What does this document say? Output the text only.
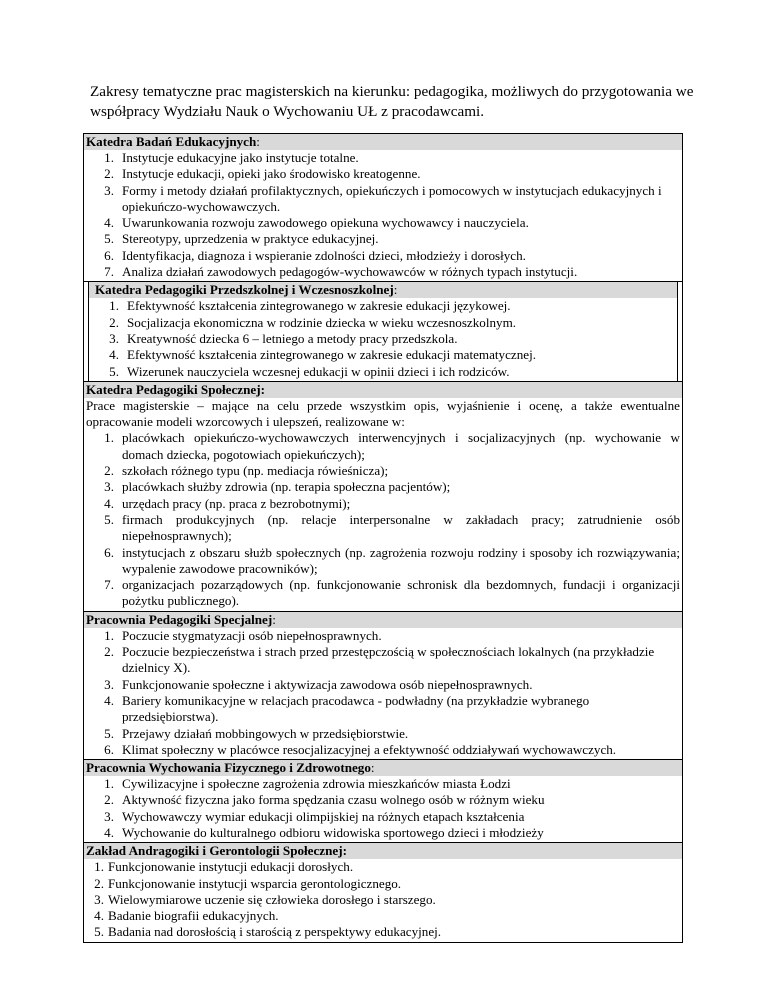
Zakresy tematyczne prac magisterskich na kierunku: pedagogika, możliwych do przygotowania we współpracy Wydziału Nauk o Wychowaniu UŁ z pracodawcami.
Katedra Badań Edukacyjnych:
1. Instytucje edukacyjne jako instytucje totalne.
2. Instytucje edukacji, opieki jako środowisko kreatogenne.
3. Formy i metody działań profilaktycznych, opiekuńczych i pomocowych w instytucjach edukacyjnych i opiekuńczo-wychowawczych.
4. Uwarunkowania rozwoju zawodowego opiekuna wychowawcy i nauczyciela.
5. Stereotypy, uprzedzenia w praktyce edukacyjnej.
6. Identyfikacja, diagnoza i wspieranie zdolności dzieci, młodzieży i dorosłych.
7. Analiza działań zawodowych pedagogów-wychowawców w różnych typach instytucji.
Katedra Pedagogiki Przedszkolnej i Wczesnoszkolnej:
1. Efektywność kształcenia zintegrowanego w zakresie edukacji językowej.
2. Socjalizacja ekonomiczna w rodzinie dziecka w wieku wczesnoszkolnym.
3. Kreatywność dziecka 6 – letniego a metody pracy przedszkola.
4. Efektywność kształcenia zintegrowanego w zakresie edukacji matematycznej.
5. Wizerunek nauczyciela wczesnej edukacji w opinii dzieci i ich rodziców.
Katedra Pedagogiki Społecznej:
Prace magisterskie – mające na celu przede wszystkim opis, wyjaśnienie i ocenę, a także ewentualne opracowanie modeli wzorcowych i ulepszeń, realizowane w:
1. placówkach opiekuńczo-wychowawczych interwencyjnych i socjalizacyjnych (np. wychowanie w domach dziecka, pogotowiach opiekuńczych);
2. szkołach różnego typu (np. mediacja rówieśnicza);
3. placówkach służby zdrowia (np. terapia społeczna pacjentów);
4. urzędach pracy (np. praca z bezrobotnymi);
5. firmach produkcyjnych (np. relacje interpersonalne w zakładach pracy; zatrudnienie osób niepełnosprawnych);
6. instytucjach z obszaru służb społecznych (np. zagrożenia rozwoju rodziny i sposoby ich rozwiązywania; wypalenie zawodowe pracowników);
7. organizacjach pozarządowych (np. funkcjonowanie schronisk dla bezdomnych, fundacji i organizacji pożytku publicznego).
Pracownia Pedagogiki Specjalnej:
1. Poczucie stygmatyzacji osób niepełnosprawnych.
2. Poczucie bezpieczeństwa i strach przed przestępczością w społecznościach lokalnych (na przykładzie dzielnicy X).
3. Funkcjonowanie społeczne i aktywizacja zawodowa osób niepełnosprawnych.
4. Bariery komunikacyjne w relacjach pracodawca - podwładny (na przykładzie wybranego przedsiębiorstwa).
5. Przejawy działań mobbingowych w przedsiębiorstwie.
6. Klimat społeczny w placówce resocjalizacyjnej a efektywność oddziaływań wychowawczych.
Pracownia Wychowania Fizycznego i Zdrowotnego:
1. Cywilizacyjne i społeczne zagrożenia zdrowia mieszkańców miasta Łodzi
2. Aktywność fizyczna jako forma spędzania czasu wolnego osób w różnym wieku
3. Wychowawczy wymiar edukacji olimpijskiej na różnych etapach kształcenia
4. Wychowanie do kulturalnego odbioru widowiska sportowego dzieci i młodzieży
Zakład Andragogiki i Gerontologii Społecznej:
1. Funkcjonowanie instytucji edukacji dorosłych.
2. Funkcjonowanie instytucji wsparcia gerontologicznego.
3. Wielowymiarowe uczenie się człowieka dorosłego i starszego.
4. Badanie biografii edukacyjnych.
5. Badania nad dorosłością i starością z perspektywy edukacyjnej.
